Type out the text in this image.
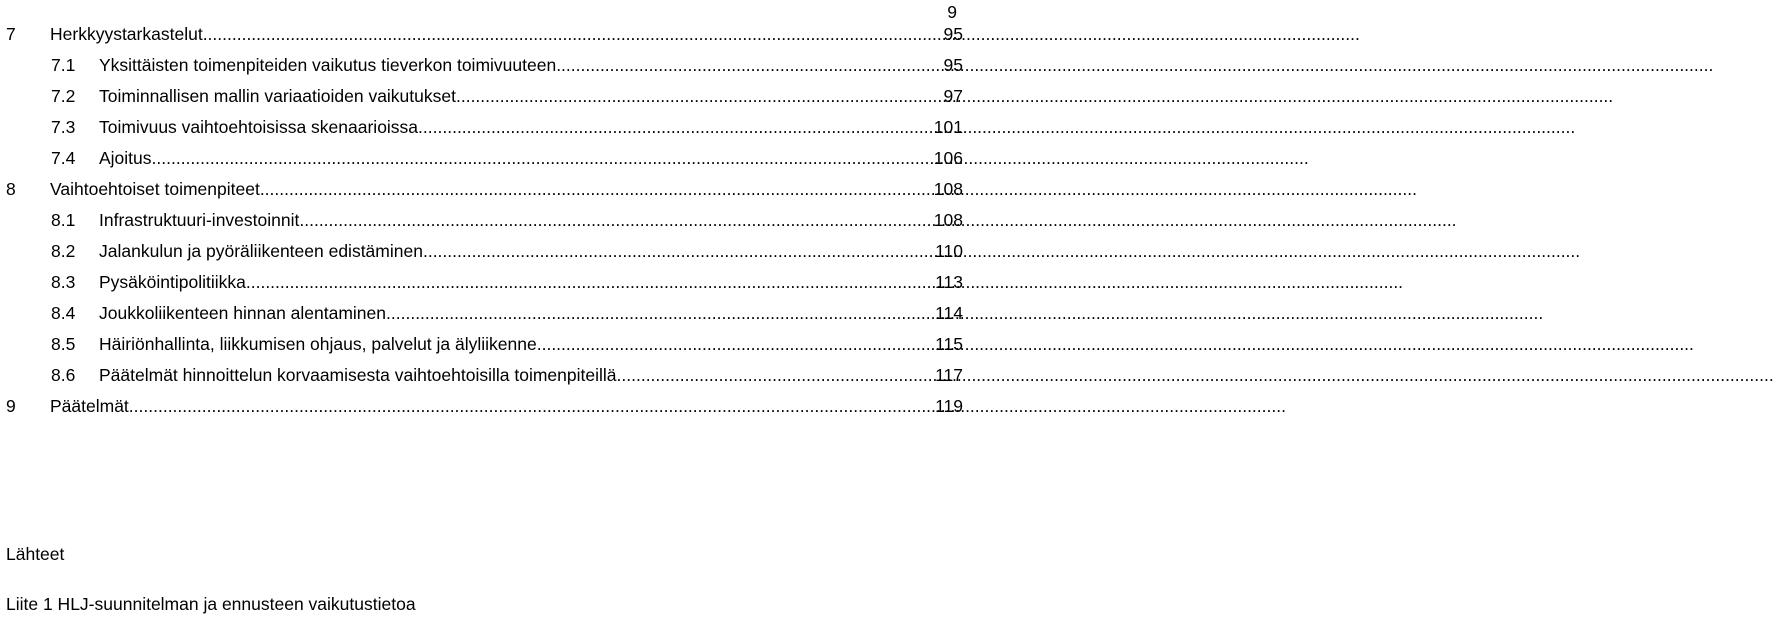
9
7	Herkkyystarkastelut .....	95
7.1	Yksittäisten toimenpiteiden vaikutus tieverkon toimivuuteen .....	95
7.2	Toiminnallisen mallin variaatioiden vaikutukset .....	97
7.3	Toimivuus vaihtoehtoisissa skenaarioissa .....	101
7.4	Ajoitus .....	106
8	Vaihtoehtoiset toimenpiteet .....	108
8.1	Infrastruktuuri-investoinnit .....	108
8.2	Jalankulun ja pyöräliikenteen edistäminen .....	110
8.3	Pysäköintipolitiikka .....	113
8.4	Joukkoliikenteen hinnan alentaminen .....	114
8.5	Häiriönhallinta, liikkumisen ohjaus, palvelut ja älyliikenne .....	115
8.6	Päätelmät hinnoittelun korvaamisesta vaihtoehtoisilla toimenpiteillä .....	117
9	Päätelmät .....	119
Lähteet
Liite 1 HLJ-suunnitelman ja ennusteen vaikutustietoa
